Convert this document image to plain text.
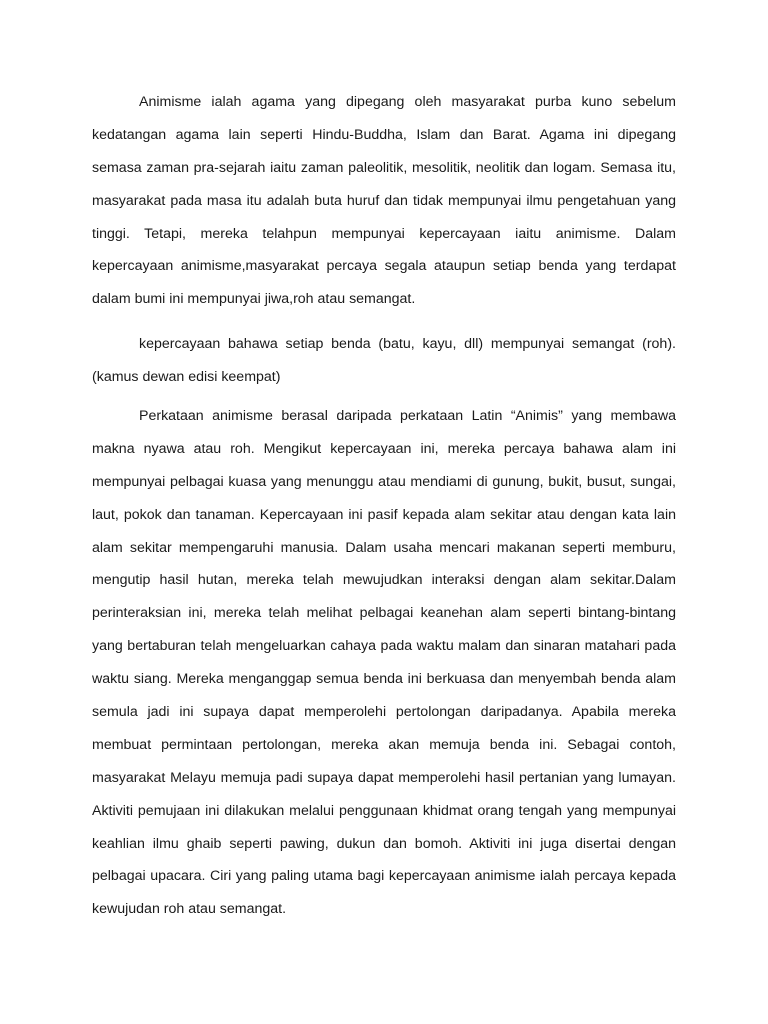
Animisme ialah agama yang dipegang oleh masyarakat purba kuno sebelum
kedatangan agama lain seperti Hindu-Buddha, Islam dan Barat. Agama ini dipegang
semasa zaman pra-sejarah iaitu zaman paleolitik, mesolitik, neolitik dan logam. Semasa itu,
masyarakat pada masa itu adalah buta huruf dan tidak mempunyai ilmu pengetahuan yang
tinggi. Tetapi, mereka telahpun mempunyai kepercayaan iaitu animisme. Dalam
kepercayaan animisme,masyarakat percaya segala ataupun setiap benda yang terdapat
dalam bumi ini mempunyai jiwa,roh atau semangat.
kepercayaan bahawa setiap benda (batu, kayu, dll) mempunyai semangat (roh).
(kamus dewan edisi keempat)
Perkataan animisme berasal daripada perkataan Latin “Animis” yang membawa
makna nyawa atau roh. Mengikut kepercayaan ini, mereka percaya bahawa alam ini
mempunyai pelbagai kuasa yang menunggu atau mendiami di gunung, bukit, busut, sungai,
laut, pokok dan tanaman. Kepercayaan ini pasif kepada alam sekitar atau dengan kata lain
alam sekitar mempengaruhi manusia. Dalam usaha mencari makanan seperti memburu,
mengutip hasil hutan, mereka telah mewujudkan interaksi dengan alam sekitar.Dalam
perinteraksian ini, mereka telah melihat pelbagai keanehan alam seperti bintang-bintang
yang bertaburan telah mengeluarkan cahaya pada waktu malam dan sinaran matahari pada
waktu siang. Mereka menganggap semua benda ini berkuasa dan menyembah benda alam
semula jadi ini supaya dapat memperolehi pertolongan daripadanya. Apabila mereka
membuat permintaan pertolongan, mereka akan memuja benda ini. Sebagai contoh,
masyarakat Melayu memuja padi supaya dapat memperolehi hasil pertanian yang lumayan.
Aktiviti pemujaan ini dilakukan melalui penggunaan khidmat orang tengah yang mempunyai
keahlian ilmu ghaib seperti pawing, dukun dan bomoh. Aktiviti ini juga disertai dengan
pelbagai upacara. Ciri yang paling utama bagi kepercayaan animisme ialah percaya kepada
kewujudan roh atau semangat.
